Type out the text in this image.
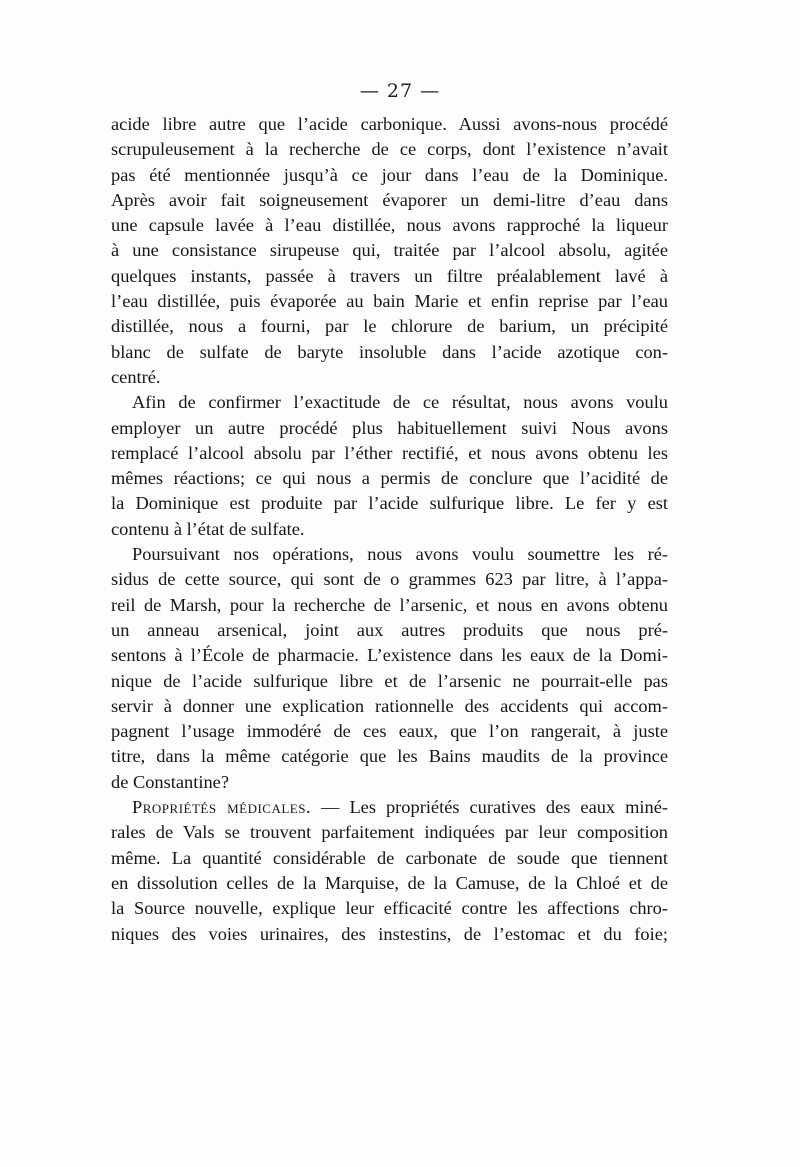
— 27 —

acide libre autre que l’acide carbonique. Aussi avons-nous procédé

scrupuleusement à la recherche de ce corps, dont l’existence n’avait

pas été mentionnée jusqu’à ce jour dans l’eau de la Dominique.

Après avoir fait soigneusement évaporer un demi-litre d’eau dans

une capsule lavée à l’eau distillée, nous avons rapproché la liqueur

à une consistance sirupeuse qui, traitée par l’alcool absolu, agitée

quelques instants, passée à travers un filtre préalablement lavé à

l’eau distillée, puis évaporée au bain Marie et enfin reprise par l’eau

distillée, nous a fourni, par le chlorure de barium, un précipité

blanc de sulfate de baryte insoluble dans l’acide azotique con-

centré.

Afin de confirmer l’exactitude de ce résultat, nous avons voulu

employer un autre procédé plus habituellement suivi Nous avons

remplacé l’alcool absolu par l’éther rectifié, et nous avons obtenu les

mêmes réactions; ce qui nous a permis de conclure que l’acidité de

la Dominique est produite par l’acide sulfurique libre. Le fer y est

contenu à l’état de sulfate.

Poursuivant nos opérations, nous avons voulu soumettre les ré-

sidus de cette source, qui sont de o grammes 623 par litre, à l’appa-

reil de Marsh, pour la recherche de l’arsenic, et nous en avons obtenu

un anneau arsenical, joint aux autres produits que nous pré-

sentons à l’École de pharmacie. L’existence dans les eaux de la Domi-

nique de l’acide sulfurique libre et de l’arsenic ne pourrait-elle pas

servir à donner une explication rationnelle des accidents qui accom-

pagnent l’usage immodéré de ces eaux, que l’on rangerait, à juste

titre, dans la même catégorie que les Bains maudits de la province

de Constantine?

Propriétés médicales. — Les propriétés curatives des eaux miné-

rales de Vals se trouvent parfaitement indiquées par leur composition

même. La quantité considérable de carbonate de soude que tiennent

en dissolution celles de la Marquise, de la Camuse, de la Chloé et de

la Source nouvelle, explique leur efficacité contre les affections chro-

niques des voies urinaires, des instestins, de l’estomac et du foie;
